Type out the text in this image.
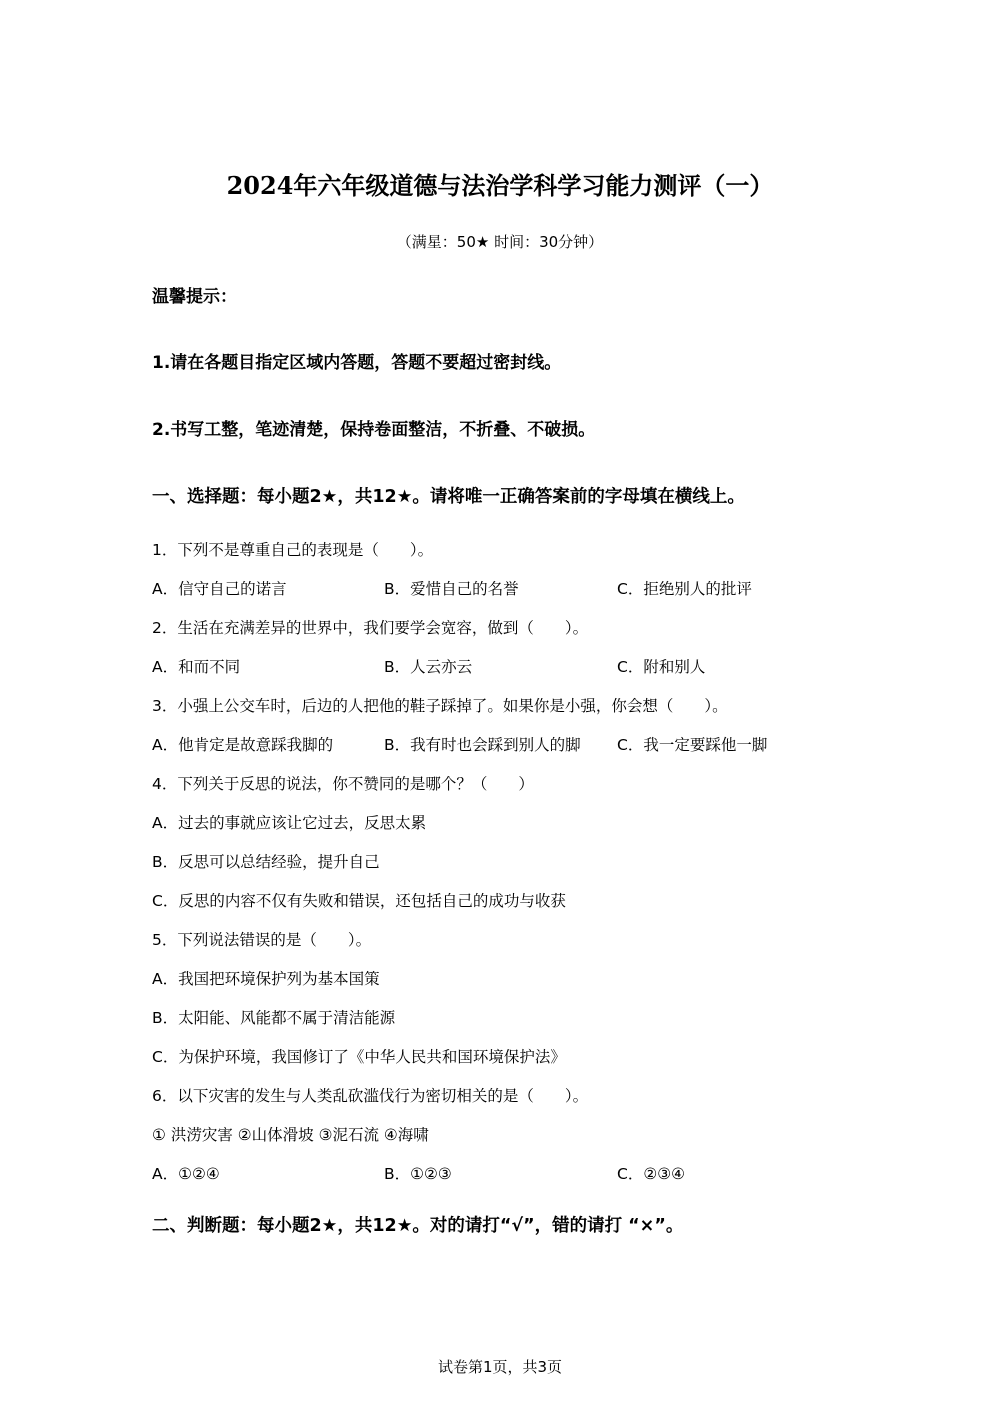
2024年六年级道德与法治学科学习能力测评（一）
（满星：50★ 时间：30分钟）
温馨提示：
1.请在各题目指定区域内答题，答题不要超过密封线。
2.书写工整，笔迹清楚，保持卷面整洁，不折叠、不破损。
一、选择题：每小题2★，共12★。请将唯一正确答案前的字母填在横线上。
1．下列不是尊重自己的表现是（　　）。
A．信守自己的诺言	B．爱惜自己的名誉	C．拒绝别人的批评
2．生活在充满差异的世界中，我们要学会宽容，做到（　　）。
A．和而不同	B．人云亦云	C．附和别人
3．小强上公交车时，后边的人把他的鞋子踩掉了。如果你是小强，你会想（　　）。
A．他肯定是故意踩我脚的	B．我有时也会踩到别人的脚 C．我一定要踩他一脚
4．下列关于反思的说法，你不赞同的是哪个？（　　）
A．过去的事就应该让它过去，反思太累
B．反思可以总结经验，提升自己
C．反思的内容不仅有失败和错误，还包括自己的成功与收获
5．下列说法错误的是（　　）。
A．我国把环境保护列为基本国策
B．太阳能、风能都不属于清洁能源
C．为保护环境，我国修订了《中华人民共和国环境保护法》
6．以下灾害的发生与人类乱砍滥伐行为密切相关的是（　　）。
① 洪涝灾害 ②山体滑坡 ③泥石流 ④海啸
A．①②④	B．①②③	C．②③④
二、判断题：每小题2★，共12★。对的请打“√”，错的请打 “×”。
试卷第1页，共3页
